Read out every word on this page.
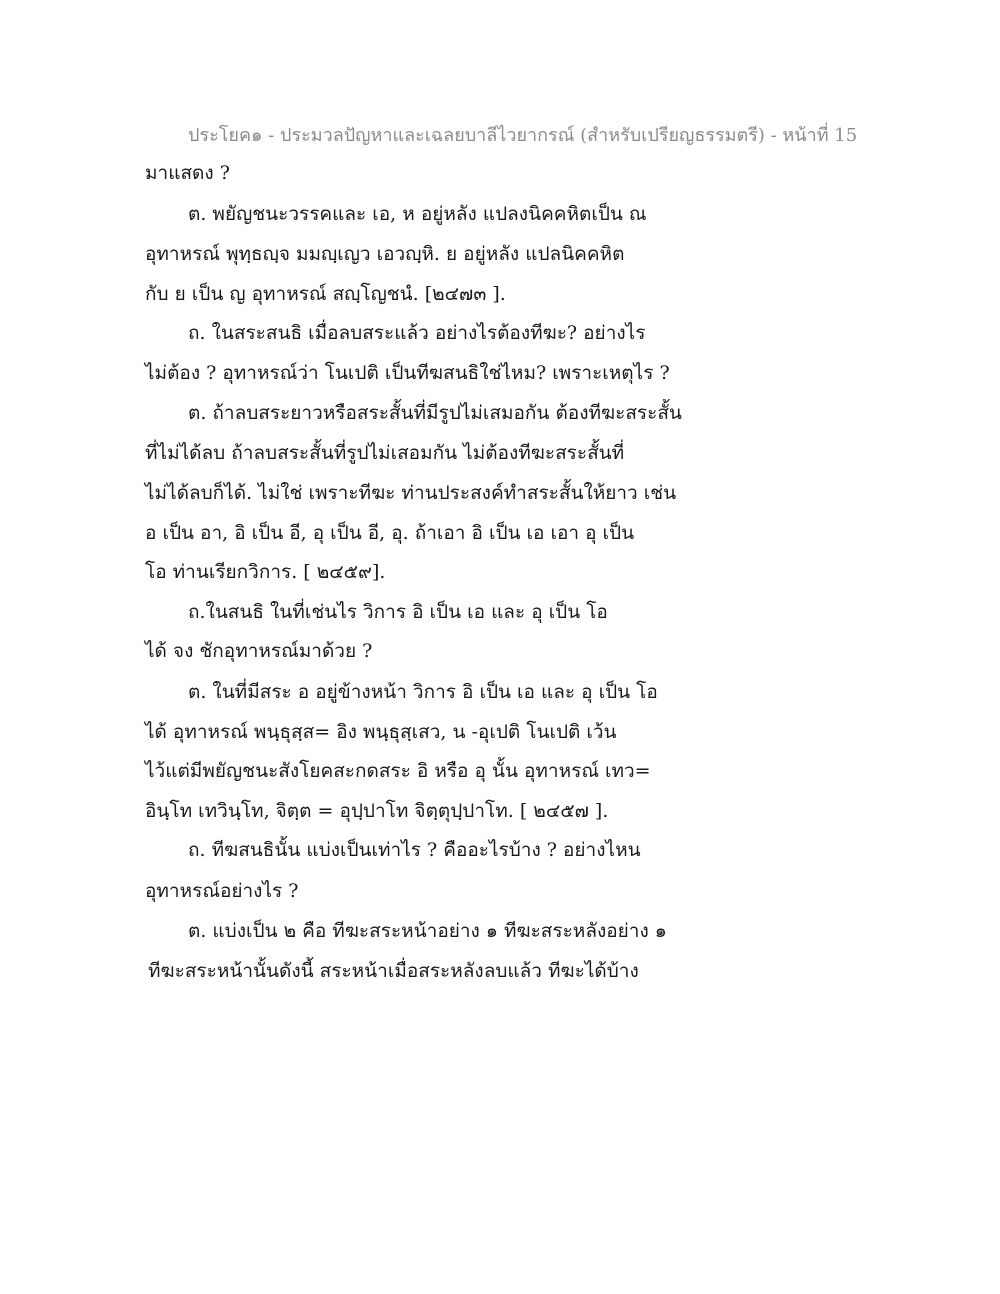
ประโยค๑ - ประมวลปัญหาและเฉลยบาลีไวยากรณ์ (สำหรับเปรียญธรรมตรี) - หน้าที่ 15
มาแสดง ?
ต. พยัญชนะวรรคและ เอ, ห อยู่หลัง แปลงนิคคหิตเป็น ณ
อุทาหรณ์ พุทฺธญฺจ มมญฺเญว เอวญฺหิ. ย อยู่หลัง แปลนิคคหิต
กับ ย เป็น ญ อุทาหรณ์ สญฺโญชนํ. [๒๔๗๓ ].
ถ. ในสระสนธิ เมื่อลบสระแล้ว อย่างไรต้องทีฆะ? อย่างไร
ไม่ต้อง ? อุทาหรณ์ว่า โนเปติ เป็นทีฆสนธิใช่ไหม? เพราะเหตุไร ?
ต. ถ้าลบสระยาวหรือสระสั้นที่มีรูปไม่เสมอกัน ต้องทีฆะสระสั้น
ที่ไม่ได้ลบ ถ้าลบสระสั้นที่รูปไม่เสอมกัน ไม่ต้องทีฆะสระสั้นที่
ไม่ได้ลบก็ได้. ไม่ใช่ เพราะทีฆะ ท่านประสงค์ทำสระสั้นให้ยาว เช่น
อ เป็น อา, อิ เป็น อี, อุ เป็น อี, อุ. ถ้าเอา อิ เป็น เอ เอา อุ เป็น
โอ ท่านเรียกวิการ. [ ๒๔๕๙].
ถ.ในสนธิ ในที่เช่นไร วิการ อิ เป็น เอ และ อุ เป็น โอ
ได้ จง ชักอุทาหรณ์มาด้วย ?
ต. ในที่มีสระ อ อยู่ข้างหน้า วิการ อิ เป็น เอ และ อุ เป็น โอ
ได้ อุทาหรณ์ พนฺธุสฺส= อิง พนฺธุสฺเสว, น -อุเปติ โนเปติ เว้น
ไว้แต่มีพยัญชนะสังโยคสะกดสระ อิ หรือ อุ นั้น อุทาหรณ์ เทว=
อินฺโท เทวินฺโท, จิตฺต = อุปฺปาโท จิตฺตุปฺปาโท. [ ๒๔๕๗ ].
ถ. ทีฆสนธินั้น แบ่งเป็นเท่าไร ? คืออะไรบ้าง ? อย่างไหน
อุทาหรณ์อย่างไร ?
ต. แบ่งเป็น ๒ คือ ทีฆะสระหน้าอย่าง ๑ ทีฆะสระหลังอย่าง ๑
ทีฆะสระหน้านั้นดังนี้ สระหน้าเมื่อสระหลังลบแล้ว ทีฆะได้บ้าง
